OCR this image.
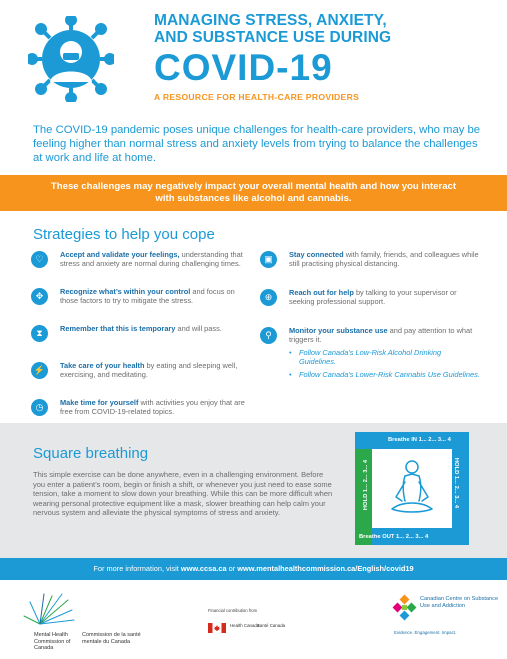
MANAGING STRESS, ANXIETY,
AND SUBSTANCE USE DURING
COVID-19
A RESOURCE FOR HEALTH-CARE PROVIDERS
The COVID-19 pandemic poses unique challenges for health-care providers, who may be feeling higher than normal stress and anxiety levels from trying to balance the challenges at work and life at home.
These challenges may negatively impact your overall mental health and how you interact
with substances like alcohol and cannabis.
Strategies to help you cope
♡	Accept and validate your feelings, understanding that stress and anxiety are normal during challenging times.
✥	Recognize what’s within your control and focus on those factors to try to mitigate the stress.
⧗	Remember that this is temporary and will pass.
⚡	Take care of your health by eating and sleeping well, exercising, and meditating.
◷	Make time for yourself with activities you enjoy that are free from COVID-19-related topics.
▣	Stay connected with family, friends, and colleagues while still practising physical distancing.
⊕	Reach out for help by talking to your supervisor or seeking professional support.
⚲	Monitor your substance use and pay attention to what triggers it.
• Follow Canada’s Low-Risk Alcohol Drinking Guidelines.
• Follow Canada’s Lower-Risk Cannabis Use Guidelines.
Square breathing
This simple exercise can be done anywhere, even in a challenging environment. Before you enter a patient’s room, begin or finish a shift, or whenever you just need to ease some tension, take a moment to slow down your breathing. While this can be more difficult when wearing personal protective equipment like a mask, slower breathing can help calm your nervous system and alleviate the physical symptoms of stress and anxiety.
Breathe IN 1... 2... 3... 4
HOLD 1... 2... 3... 4
Breathe OUT 1... 2... 3... 4
HOLD 1... 2... 3... 4
For more information, visit www.ccsa.ca or www.mentalhealthcommission.ca/English/covid19
Mental Health Commission of Canada
Commission de la santé mentale du Canada
Financial contribution from
Health Canada
Santé Canada
Canadian Centre on Substance Use and Addiction
Evidence. Engagement. Impact.
